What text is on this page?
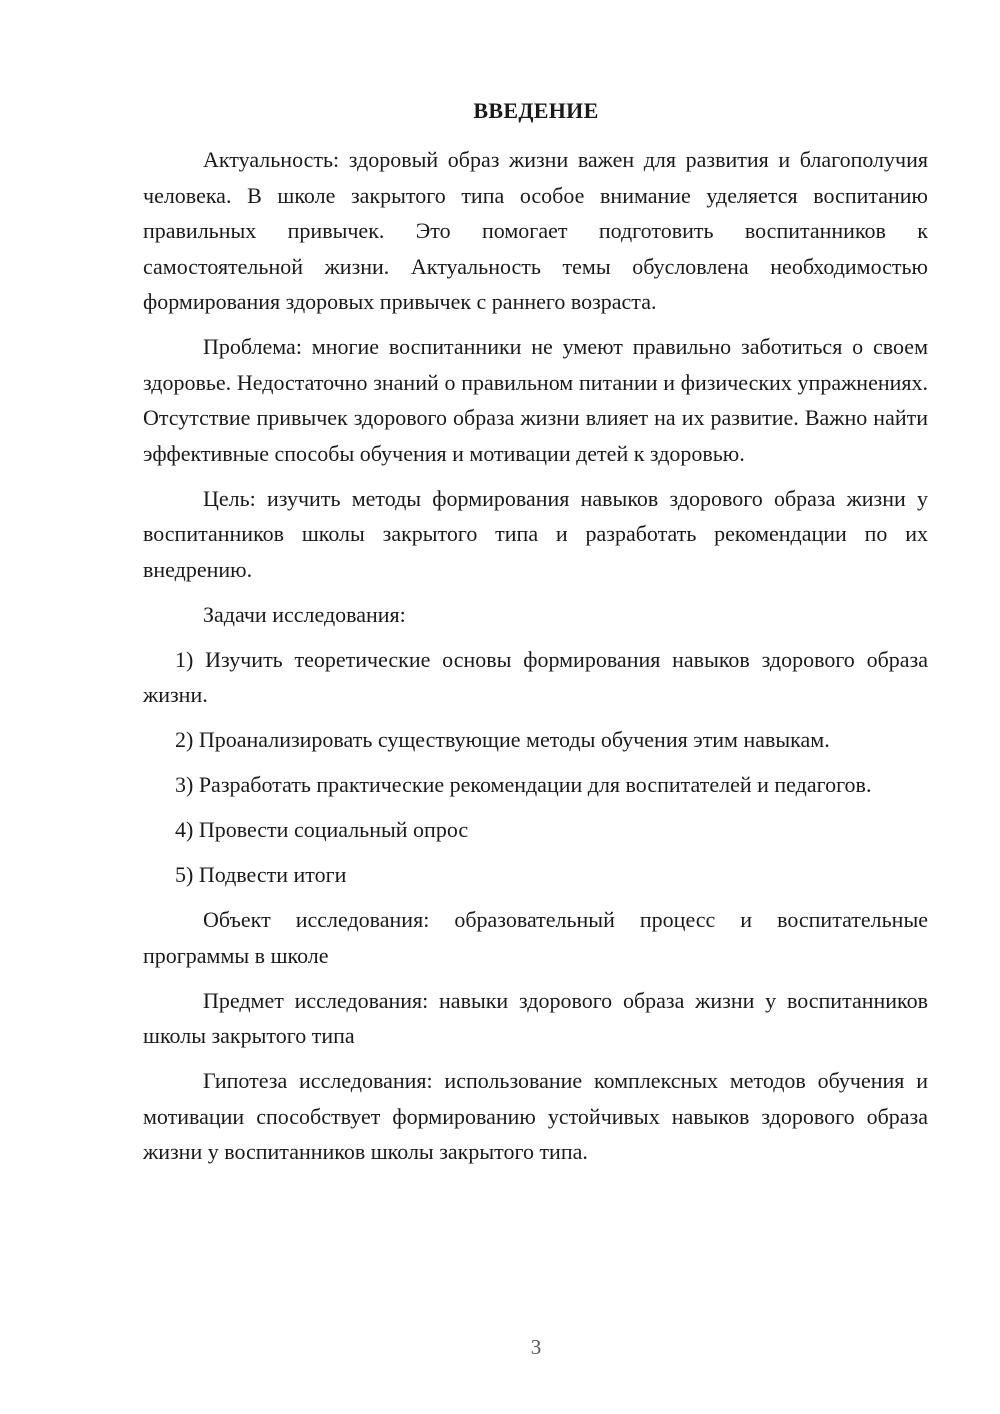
ВВЕДЕНИЕ

Актуальность: здоровый образ жизни важен для развития и благополучия человека. В школе закрытого типа особое внимание уделяется воспитанию правильных привычек. Это помогает подготовить воспитанников к самостоятельной жизни. Актуальность темы обусловлена необходимостью формирования здоровых привычек с раннего возраста.

Проблема: многие воспитанники не умеют правильно заботиться о своем здоровье. Недостаточно знаний о правильном питании и физических упражнениях. Отсутствие привычек здорового образа жизни влияет на их развитие. Важно найти эффективные способы обучения и мотивации детей к здоровью.

Цель: изучить методы формирования навыков здорового образа жизни у воспитанников школы закрытого типа и разработать рекомендации по их внедрению.

Задачи исследования:

1) Изучить теоретические основы формирования навыков здорового образа жизни.

2) Проанализировать существующие методы обучения этим навыкам.

3) Разработать практические рекомендации для воспитателей и педагогов.

4) Провести социальный опрос

5) Подвести итоги

Объект исследования: образовательный процесс и воспитательные программы в школе

Предмет исследования: навыки здорового образа жизни у воспитанников школы закрытого типа

Гипотеза исследования: использование комплексных методов обучения и мотивации способствует формированию устойчивых навыков здорового образа жизни у воспитанников школы закрытого типа.

3
